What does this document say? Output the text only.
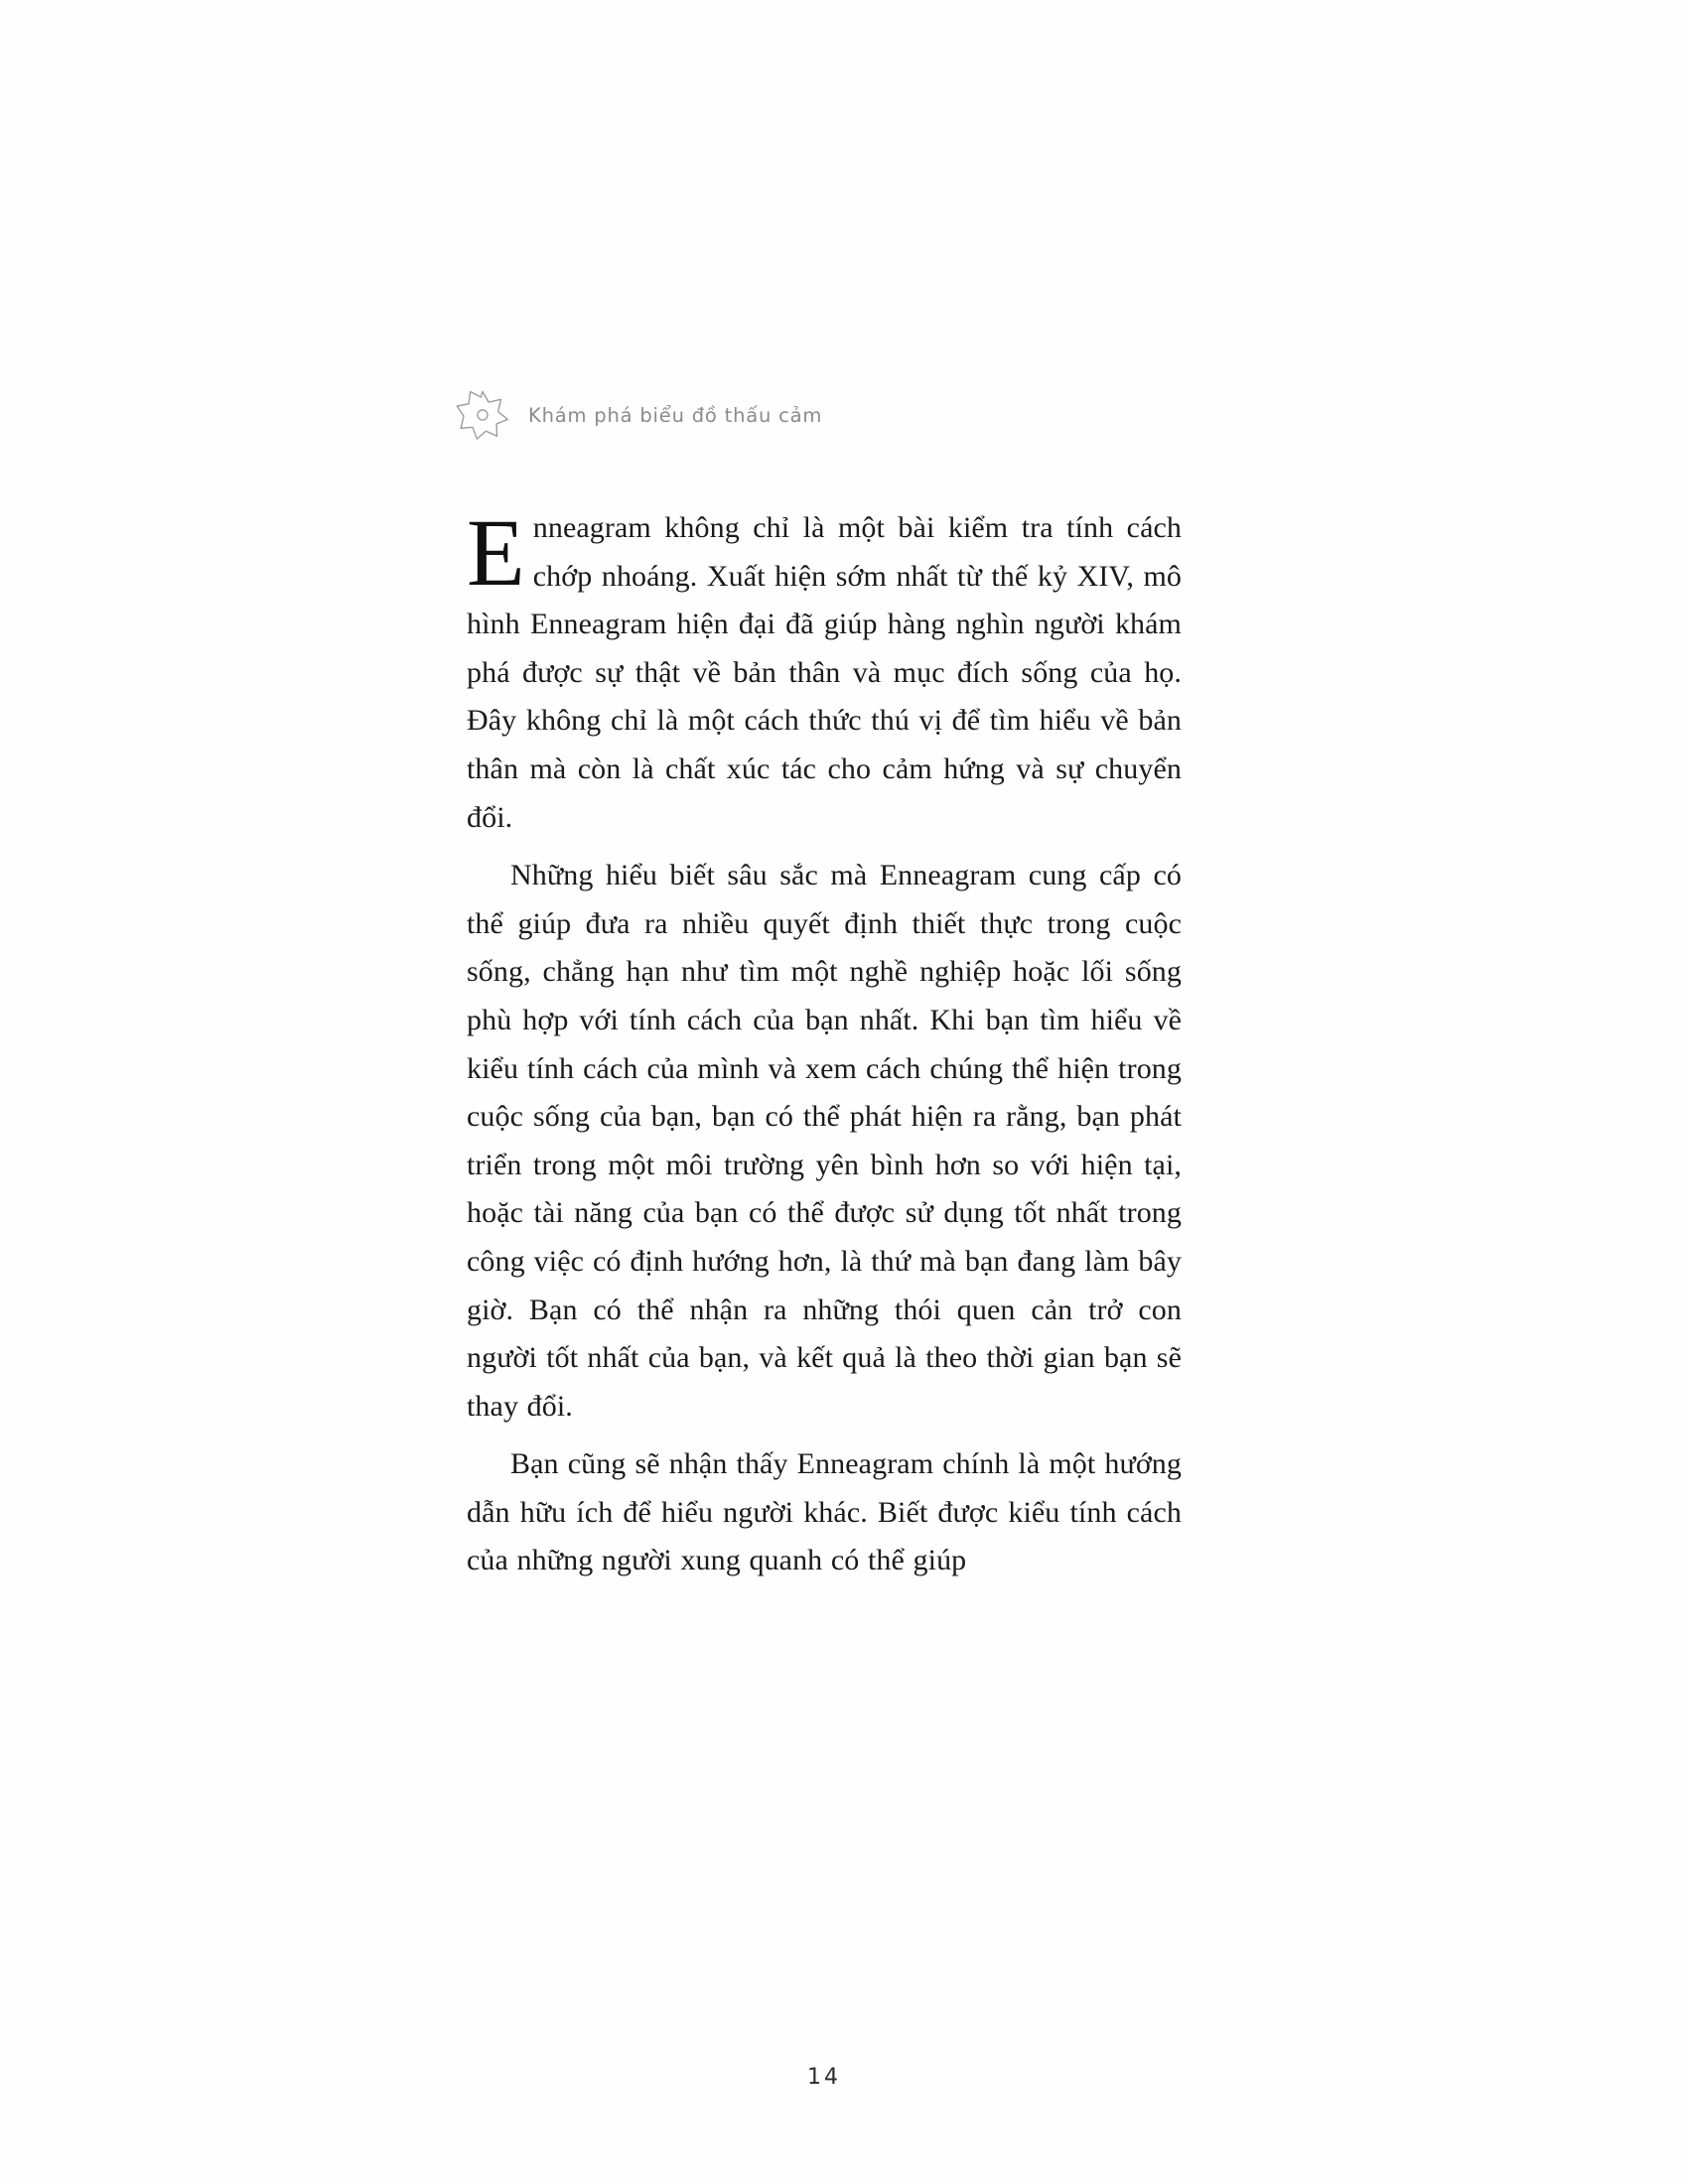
Khám phá biểu đồ thấu cảm

Enneagram không chỉ là một bài kiểm tra tính cách chớp nhoáng. Xuất hiện sớm nhất từ thế kỷ XIV, mô hình Enneagram hiện đại đã giúp hàng nghìn người khám phá được sự thật về bản thân và mục đích sống của họ. Đây không chỉ là một cách thức thú vị để tìm hiểu về bản thân mà còn là chất xúc tác cho cảm hứng và sự chuyển đổi.

Những hiểu biết sâu sắc mà Enneagram cung cấp có thể giúp đưa ra nhiều quyết định thiết thực trong cuộc sống, chẳng hạn như tìm một nghề nghiệp hoặc lối sống phù hợp với tính cách của bạn nhất. Khi bạn tìm hiểu về kiểu tính cách của mình và xem cách chúng thể hiện trong cuộc sống của bạn, bạn có thể phát hiện ra rằng, bạn phát triển trong một môi trường yên bình hơn so với hiện tại, hoặc tài năng của bạn có thể được sử dụng tốt nhất trong công việc có định hướng hơn, là thứ mà bạn đang làm bây giờ. Bạn có thể nhận ra những thói quen cản trở con người tốt nhất của bạn, và kết quả là theo thời gian bạn sẽ thay đổi.

Bạn cũng sẽ nhận thấy Enneagram chính là một hướng dẫn hữu ích để hiểu người khác. Biết được kiểu tính cách của những người xung quanh có thể giúp

14
